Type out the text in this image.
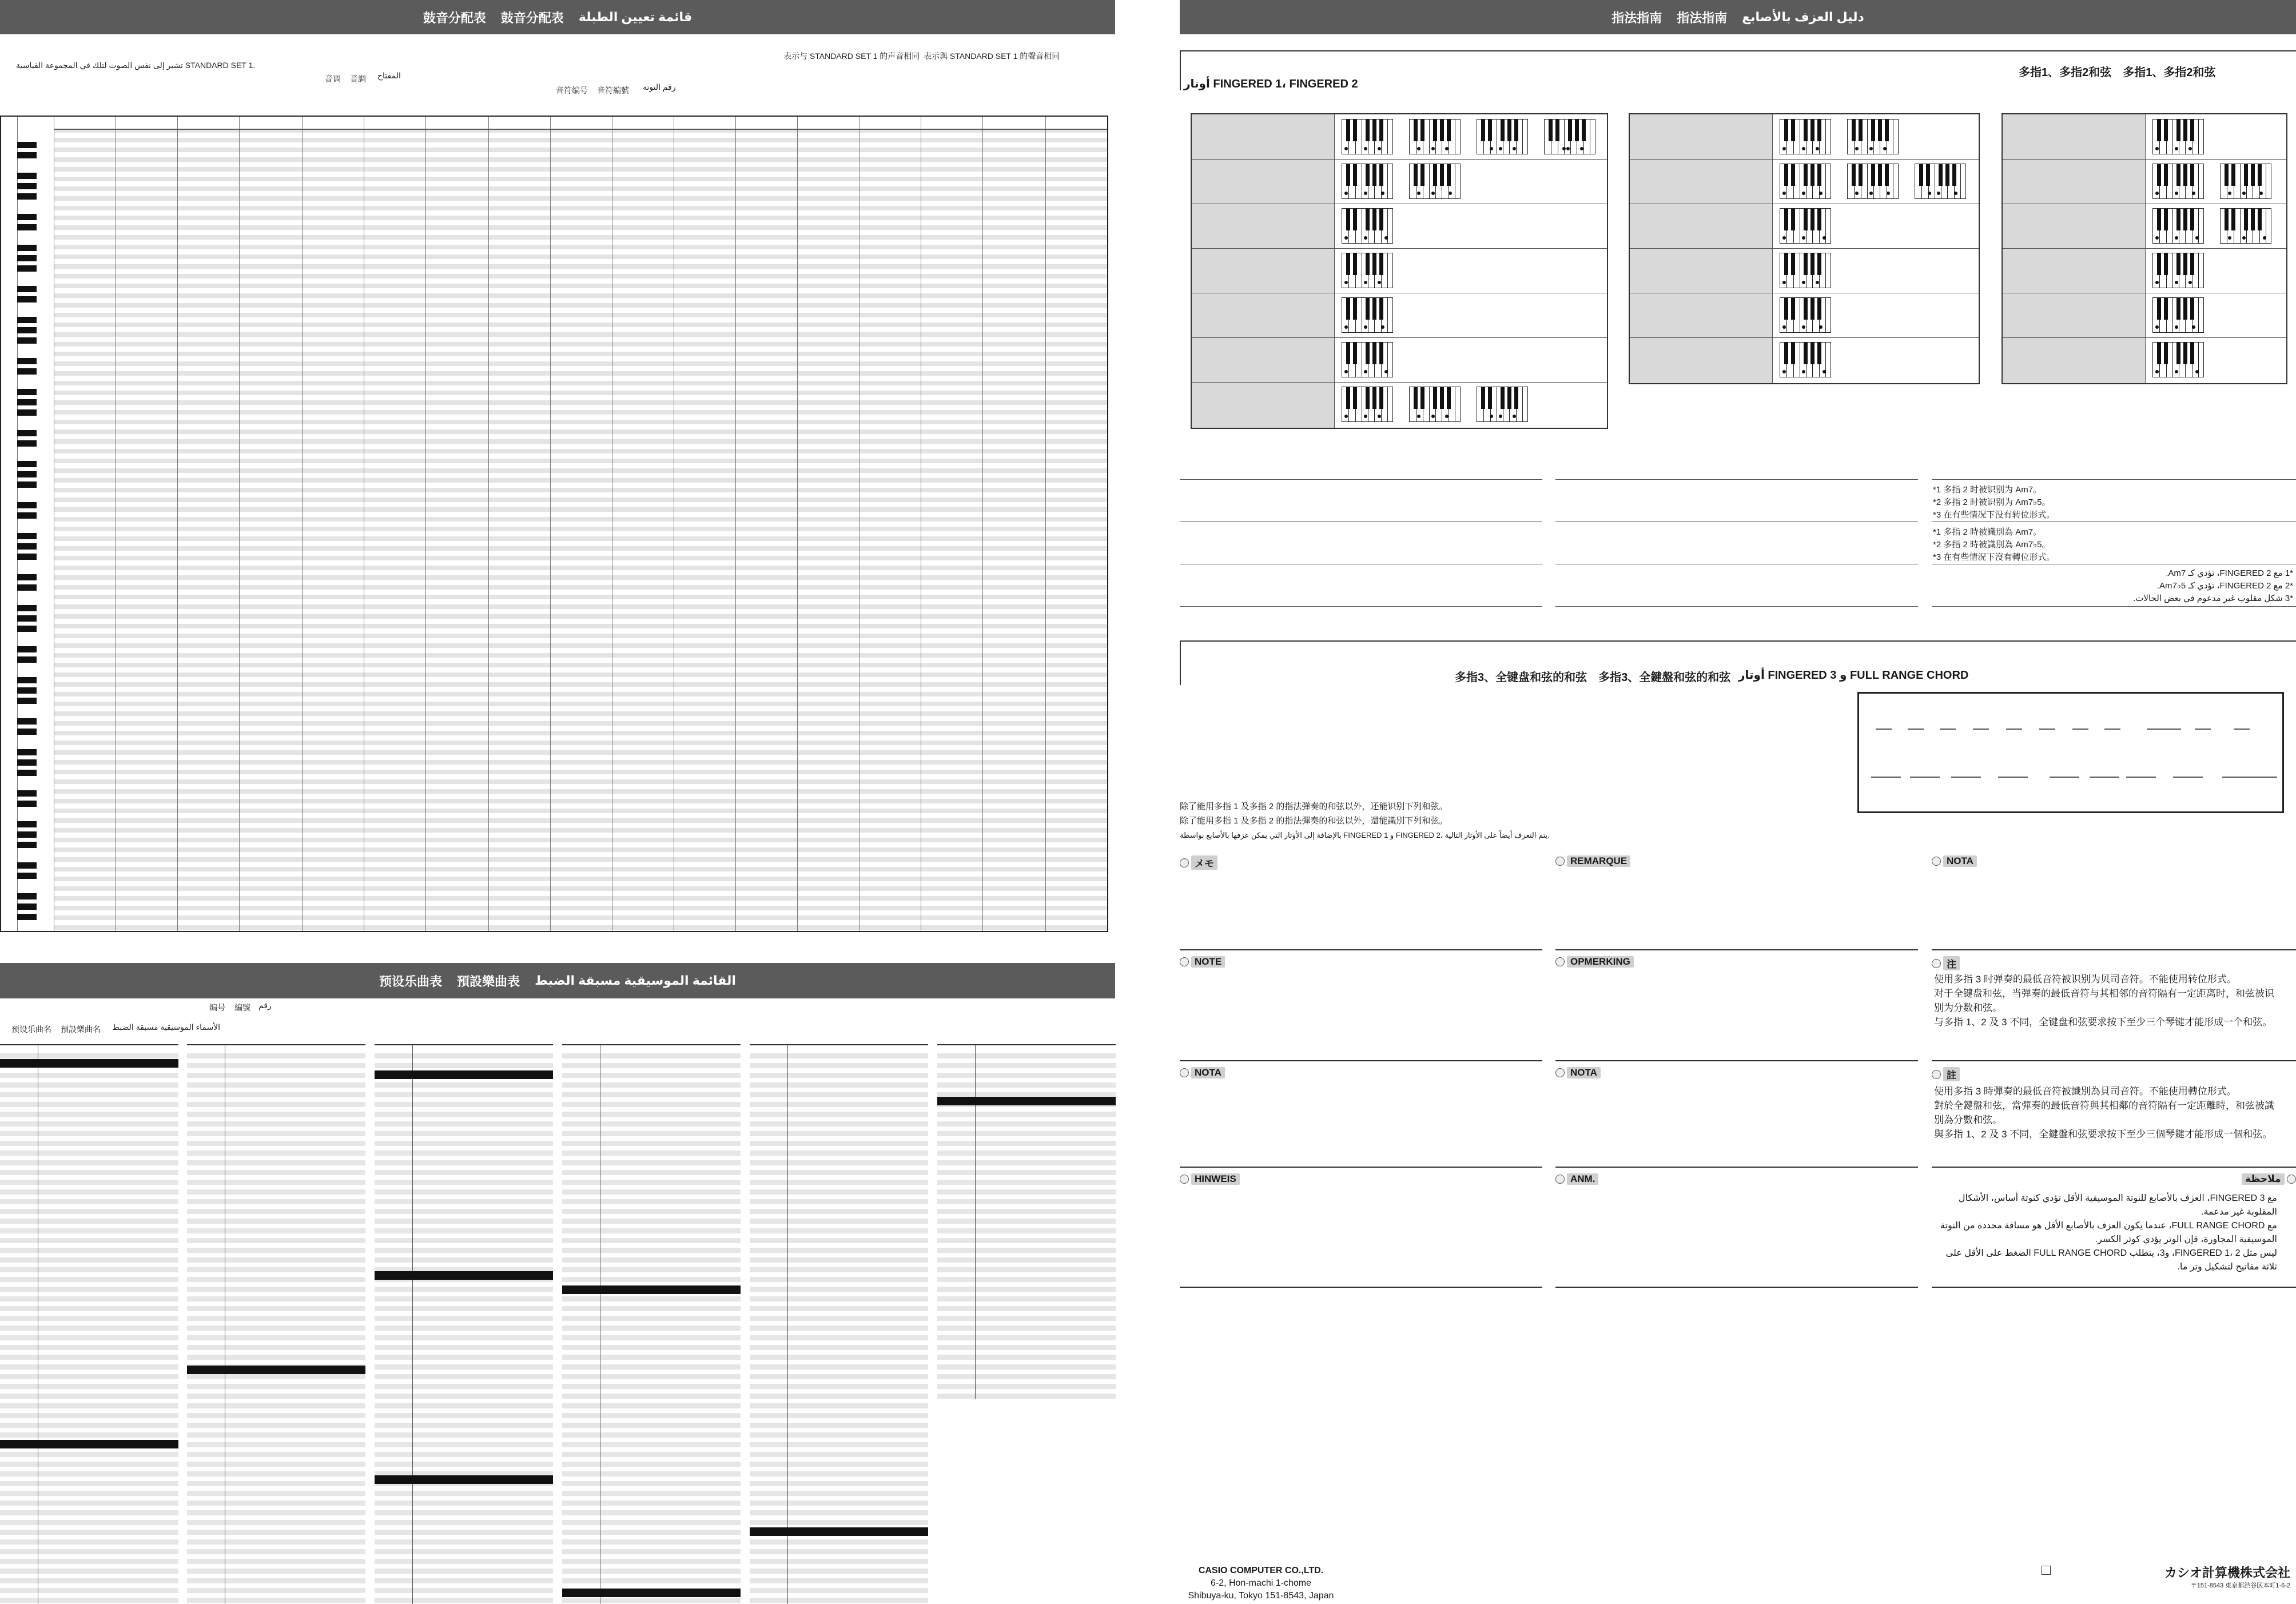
鼓音分配表 鼓音分配表 قائمة تعيين الطبلة
表示与 STANDARD SET 1 的声音相同 表示與 STANDARD SET 1 的聲音相同
تشير إلى نفس الصوت لتلك في المجموعة القياسية STANDARD SET 1.
音调 音調 المفتاح
音符编号 音符編號 رقم النوتة
预设乐曲表 預設樂曲表 القائمة الموسيقية مسبقة الضبط
编号 編號 رقم
预设乐曲名 預設樂曲名 الأسماء الموسيقية مسبقة الضبط
指法指南 指法指南 دليل العزف بالأصابع
أوتار FINGERED 1، FINGERED 2
多指1、多指2和弦　多指1、多指2和弦
*1 多指 2 时被识别为 Am7。
*2 多指 2 时被识别为 Am7♭5。
*3 在有些情况下没有转位形式。
*1 多指 2 時被識別為 Am7。
*2 多指 2 時被識別為 Am7♭5。
*3 在有些情況下沒有轉位形式。
*1 مع FINGERED 2، تؤدي كـ Am7.
*2 مع FINGERED 2، تؤدي كـ Am7♭5.
*3 شكل مقلوب غير مدعوم في بعض الحالات.
多指3、全键盘和弦的和弦　多指3、全鍵盤和弦的和弦 أوتار FINGERED 3 و FULL RANGE CHORD
除了能用多指 1 及多指 2 的指法弹奏的和弦以外，还能识别下列和弦。
除了能用多指 1 及多指 2 的指法彈奏的和弦以外，還能識別下列和弦。
بالإضافة إلى الأوتار التي يمكن عزفها بالأصابع بواسطة FINGERED 1 و FINGERED 2، يتم التعرف أيضاً على الأوتار التالية.
メモ	REMARQUE	NOTA
NOTE	OPMERKING	注
NOTA	NOTA	註
HINWEIS	ANM.	ملاحظة
使用多指 3 时弹奏的最低音符被识别为贝司音符。不能使用转位形式。
对于全键盘和弦，当弹奏的最低音符与其相邻的音符隔有一定距离时，和弦被识别为分数和弦。
与多指 1、2 及 3 不同，全键盘和弦要求按下至少三个琴键才能形成一个和弦。
使用多指 3 時彈奏的最低音符被識別為貝司音符。不能使用轉位形式。
對於全鍵盤和弦，當彈奏的最低音符與其相鄰的音符隔有一定距離時，和弦被識別為分數和弦。
與多指 1、2 及 3 不同，全鍵盤和弦要求按下至少三個琴鍵才能形成一個和弦。
مع FINGERED 3، العزف بالأصابع للنوتة الموسيقية الأقل تؤدي كنوتة أساس، الأشكال المقلوبة غير مدعمة.
مع FULL RANGE CHORD، عندما يكون العزف بالأصابع الأقل هو مسافة محددة من النوتة الموسيقية المجاورة، فإن الوتر يؤدي كوتر الكسر.
ليس مثل FINGERED 1، 2، و3، يتطلب FULL RANGE CHORD الضغط على الأقل على ثلاثة مفاتيح لتشكيل وتر ما.
CASIO COMPUTER CO.,LTD.
6-2, Hon-machi 1-chome
Shibuya-ku, Tokyo 151-8543, Japan
カシオ計算機株式会社
〒151-8543 東京都渋谷区本町1-6-2
